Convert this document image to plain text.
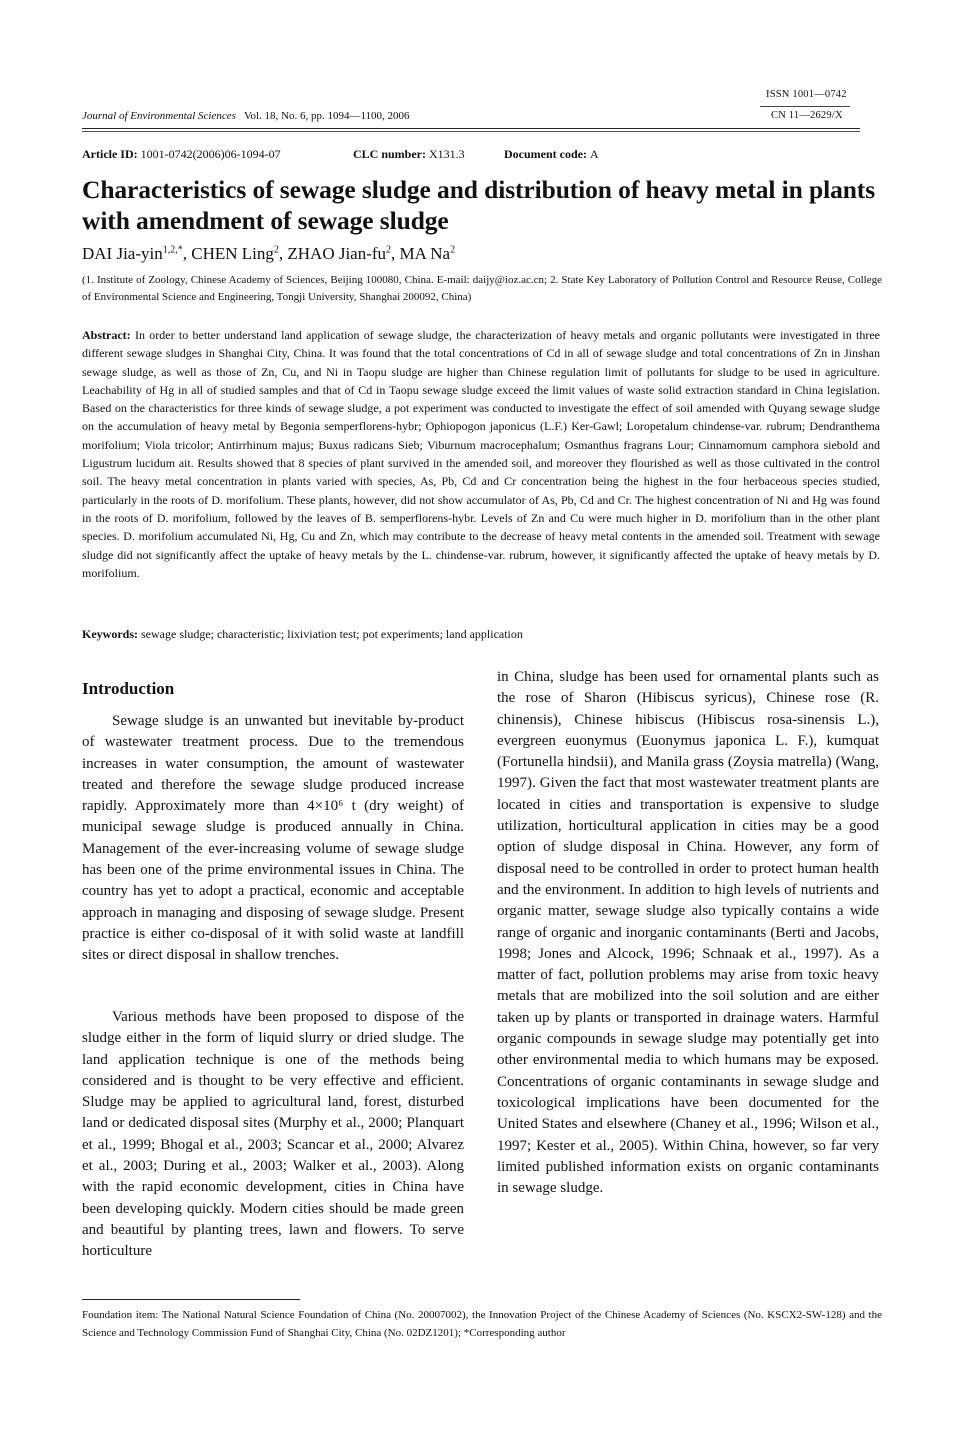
ISSN 1001—0742
CN 11—2629/X
Journal of Environmental Sciences Vol. 18, No. 6, pp. 1094—1100, 2006
Article ID: 1001-0742(2006)06-1094-07	CLC number: X131.3	Document code: A
Characteristics of sewage sludge and distribution of heavy metal in plants with amendment of sewage sludge
DAI Jia-yin$^{1,2,*}$, CHEN Ling$^2$, ZHAO Jian-$fu^2$, MA Na$^2$

(1. Institute of Zoology, Chinese Academy of Sciences, Beijing 100080, China. E-mail: daijy@ioz.ac.cn; 2. State Key Laboratory of Pollution Control and Resource Reuse, College of Environmental Science and Engineering, Tongji University, Shanghai 200092, China)

Abstract: In order to better understand land application of sewage sludge, the characterization of heavy metals and organic pollutants were investigated in three different sewage sludges in Shanghai City, China. It was found that the total concentrations of Cd in all of sewage sludge and total concentrations of Zn in Jinshan sewage sludge, as well as those of Zn, Cu, and Ni in Taopu sludge are higher than Chinese regulation limit of pollutants for sludge to be used in agriculture. Leachability of Hg in all of studied samples and that of Cd in Taopu sewage sludge exceed the limit values of waste solid extraction standard in China legislation. Based on the characteristics for three kinds of sewage sludge, a pot experiment was conducted to investigate the effect of soil amended with Quyang sewage sludge on the accumulation of heavy metal by Begonia semperflorens-hybr; Ophiopogon japonicus (L.F.) Ker-Gawl; Loropetalum chindense-var. rubrum; Dendranthema morifolium; Viola tricolor; Antirrhinum majus; Buxus radicans Sieb; Viburnum macrocephalum; Osmanthus fragrans Lour; Cinnamomum camphora siebold and Ligustrum lucidum ait. Results showed that 8 species of plant survived in the amended soil, and moreover they flourished as well as those cultivated in the control soil. The heavy metal concentration in plants varied with species, As, Pb, Cd and Cr concentration being the highest in the four herbaceous species studied, particularly in the roots of D. morifolium. These plants, however, did not show accumulator of As, Pb, Cd and Cr. The highest concentration of Ni and Hg was found in the roots of D. morifolium, followed by the leaves of B. semperflorens-hybr. Levels of Zn and Cu were much higher in D. morifolium than in the other plant species. D. morifolium accumulated Ni, Hg, Cu and Zn, which may contribute to the decrease of heavy metal contents in the amended soil. Treatment with sewage sludge did not significantly affect the uptake of heavy metals by the L. chindense-var. rubrum, however, it significantly affected the uptake of heavy metals by D. morifolium.

Keywords: sewage sludge; characteristic; lixiviation test; pot experiments; land application
Introduction

Sewage sludge is an unwanted but inevitable by-product of wastewater treatment process. Due to the tremendous increases in water consumption, the amount of wastewater treated and therefore the sewage sludge produced increase rapidly. Approximately more than 4×10⁶ t (dry weight) of municipal sewage sludge is produced annually in China. Management of the ever-increasing volume of sewage sludge has been one of the prime environmental issues in China. The country has yet to adopt a practical, economic and acceptable approach in managing and disposing of sewage sludge. Present practice is either co-disposal of it with solid waste at landfill sites or direct disposal in shallow trenches.

Various methods have been proposed to dispose of the sludge either in the form of liquid slurry or dried sludge. The land application technique is one of the methods being considered and is thought to be very effective and efficient. Sludge may be applied to agricultural land, forest, disturbed land or dedicated disposal sites (Murphy et al., 2000; Planquart et al., 1999; Bhogal et al., 2003; Scancar et al., 2000; Alvarez et al., 2003; During et al., 2003; Walker et al., 2003). Along with the rapid economic development, cities in China have been developing quickly. Modern cities should be made green and beautiful by planting trees, lawn and flowers. To serve horticulture

in China, sludge has been used for ornamental plants such as the rose of Sharon (Hibiscus syricus), Chinese rose (R. chinensis), Chinese hibiscus (Hibiscus rosa-sinensis L.), evergreen euonymus (Euonymus japonica L. F.), kumquat (Fortunella hindsii), and Manila grass (Zoysia matrella) (Wang, 1997). Given the fact that most wastewater treatment plants are located in cities and transportation is expensive to sludge utilization, horticultural application in cities may be a good option of sludge disposal in China. However, any form of disposal need to be controlled in order to protect human health and the environment. In addition to high levels of nutrients and organic matter, sewage sludge also typically contains a wide range of organic and inorganic contaminants (Berti and Jacobs, 1998; Jones and Alcock, 1996; Schnaak et al., 1997). As a matter of fact, pollution problems may arise from toxic heavy metals that are mobilized into the soil solution and are either taken up by plants or transported in drainage waters. Harmful organic compounds in sewage sludge may potentially get into other environmental media to which humans may be exposed. Concentrations of organic contaminants in sewage sludge and toxicological implications have been documented for the United States and elsewhere (Chaney et al., 1996; Wilson et al., 1997; Kester et al., 2005). Within China, however, so far very limited published information exists on organic contaminants in sewage sludge.

Foundation item: The National Natural Science Foundation of China (No. 20007002), the Innovation Project of the Chinese Academy of Sciences (No. KSCX2-SW-128) and the Science and Technology Commission Fund of Shanghai City, China (No. 02DZ1201); *Corresponding author
